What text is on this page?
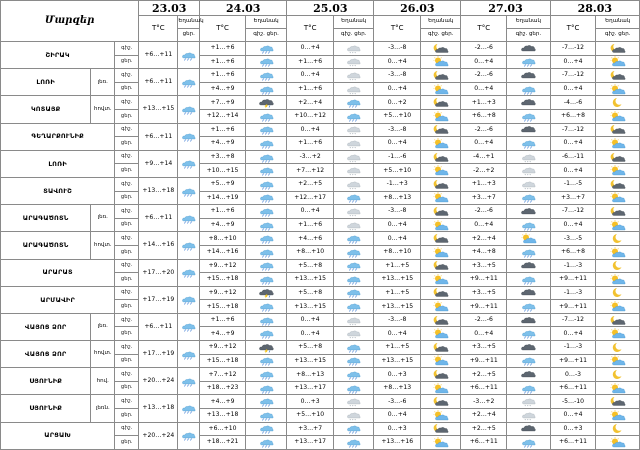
Մարզեր			23.03		24.03		25.03		26.03		27.03		28.03	
			T°C	Եղանակ	T°C	Եղանակ	T°C	Եղանակ	T°C	Եղանակ	T°C	Եղանակ	T°C	Եղանակ
				ցեր.		գիշ. ցեր.		գիշ. ցեր.		գիշ. ցեր.		գիշ. ցեր.		գիշ. ցեր.
ՇԻՐԱԿ		գիշ.	+6…+11		+1…+6		0…+4	* * *	-3…-8		-2…-6		-7…-12	
		ցեր.			+1…+6		+1…+6	* * *	0…+4		0…+4		0…+4	
ԼՈՌԻ	լեռ.	գիշ.	+6…+11		+1…+6		0…+4	* * *	-3…-8		-2…-6		-7…-12	
		ցեր.			+4…+9		+1…+6	* * *	0…+4		0…+4		0…+4	
ԿՈՏԱՅՔ	հովտ.	գիշ.	+13…+15		+7…+9		+2…+4		0…+2		+1…+3		-4…-6	
		ցեր.			+12…+14		+10…+12		+5…+10		+6…+8		+6…+8	
ԳԵՂԱՐՔՈՒՆԻՔ		գիշ.	+6…+11		+1…+6		0…+4	* * *	-3…-8		-2…-6		-7…-12	
		ցեր.			+4…+9		+1…+6	* * *	0…+4		0…+4		0…+4	
ԼՈՌԻ		գիշ.	+9…+14		+3…+8		-3…+2	* * *	-1…-6		-4…+1	* * *	-6…-11	
		ցեր.			+10…+15		+7…+12	* * *	+5…+10		-2…+2	* * *	0…+4	
ՏԱՎՈՒՇ		գիշ.	+13…+18		+5…+9		+2…+5	* * *	-1…+3		+1…+3	* * *	-1…-5	
		ցեր.			+14…+19		+12…+17		+8…+13		+3…+7		+3…+7	
ԱՐԱԳԱԾՈՏՆ	լեռ.	գիշ.	+6…+11		+1…+6		0…+4	* * *	-3…-8		-2…-6		-7…-12	
		ցեր.			+4…+9		+1…+6	* * *	0…+4		0…+4		0…+4	
ԱՐԱԳԱԾՈՏՆ	հովտ.	գիշ.	+14…+16		+8…+10		+4…+6		0…+4		+2…+4		-3…-5	
		ցեր.			+14…+16		+8…+10		+8…+10		+4…+8		+6…+8	
ԱՐԱՐԱՏ		գիշ.	+17…+20		+9…+12		+5…+8		+1…+5		+3…+5		-1…-3	
		ցեր.			+15…+18		+13…+15		+13…+15		+9…+11		+9…+11	
ԱՐՄԱՎԻՐ		գիշ.	+17…+19		+9…+12		+5…+8		+1…+5		+3…+5		-1…-3	
		ցեր.			+15…+18		+13…+15		+13…+15		+9…+11		+9…+11	
ՎԱՅՈՑ ՁՈՐ	լեռ.	գիշ.	+6…+11		+1…+6		0…+4	* * *	-3…-8		-2…-6		-7…-12	
		ցեր.			+4…+9		0…+4	* * *	0…+4		0…+4		0…+4	
ՎԱՅՈՑ ՁՈՐ	հովտ.	գիշ.	+17…+19		+9…+12		+5…+8		+1…+5		+3…+5		-1…-3	
		ցեր.			+15…+18		+13…+15		+13…+15		+9…+11		+9…+11	
ՍՅՈՒՆԻՔ	հով.	գիշ.	+20…+24		+7…+12		+8…+13		0…+3		+2…+5		0…-3	
		ցեր.			+18…+23		+13…+17		+8…+13		+6…+11		+6…+11	
ՍՅՈՒՆԻՔ	լեռն.	գիշ.	+13…+18		+4…+9		0…+3	* * *	-3…-6		-3…+2	* * *	-5…-10	
		ցեր.			+13…+18		+5…+10	* * *	0…+4		+2…+4	* * *	0…+4	
ԱՐՑԱԽ		գիշ.	+20…+24		+6…+10		+3…+7		0…+3		+2…+5		0…+3	
		ցեր.			+18…+21		+13…+17		+13…+16		+6…+11		+6…+11	
